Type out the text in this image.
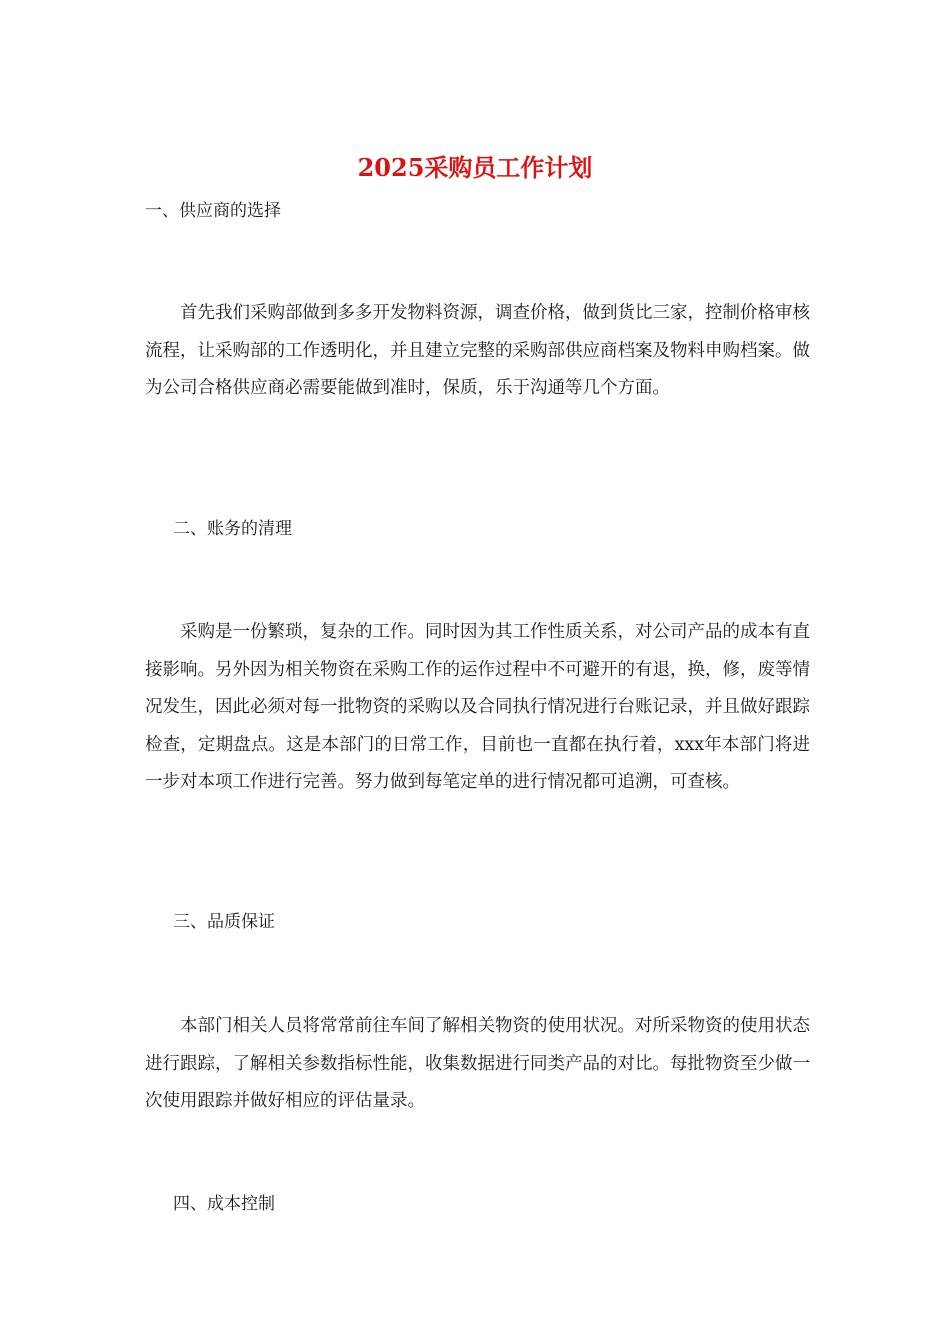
2025采购员工作计划

一、供应商的选择

首先我们采购部做到多多开发物料资源，调查价格，做到货比三家，控制价格审核流程，让采购部的工作透明化，并且建立完整的采购部供应商档案及物料申购档案。做为公司合格供应商必需要能做到准时，保质，乐于沟通等几个方面。

二、账务的清理

采购是一份繁琐，复杂的工作。同时因为其工作性质关系，对公司产品的成本有直接影响。另外因为相关物资在采购工作的运作过程中不可避开的有退，换，修，废等情况发生，因此必须对每一批物资的采购以及合同执行情况进行台账记录，并且做好跟踪检查，定期盘点。这是本部门的日常工作，目前也一直都在执行着，xxx年本部门将进一步对本项工作进行完善。努力做到每笔定单的进行情况都可追溯，可查核。

三、品质保证

本部门相关人员将常常前往车间了解相关物资的使用状况。对所采物资的使用状态进行跟踪，了解相关参数指标性能，收集数据进行同类产品的对比。每批物资至少做一次使用跟踪并做好相应的评估量录。

四、成本控制
